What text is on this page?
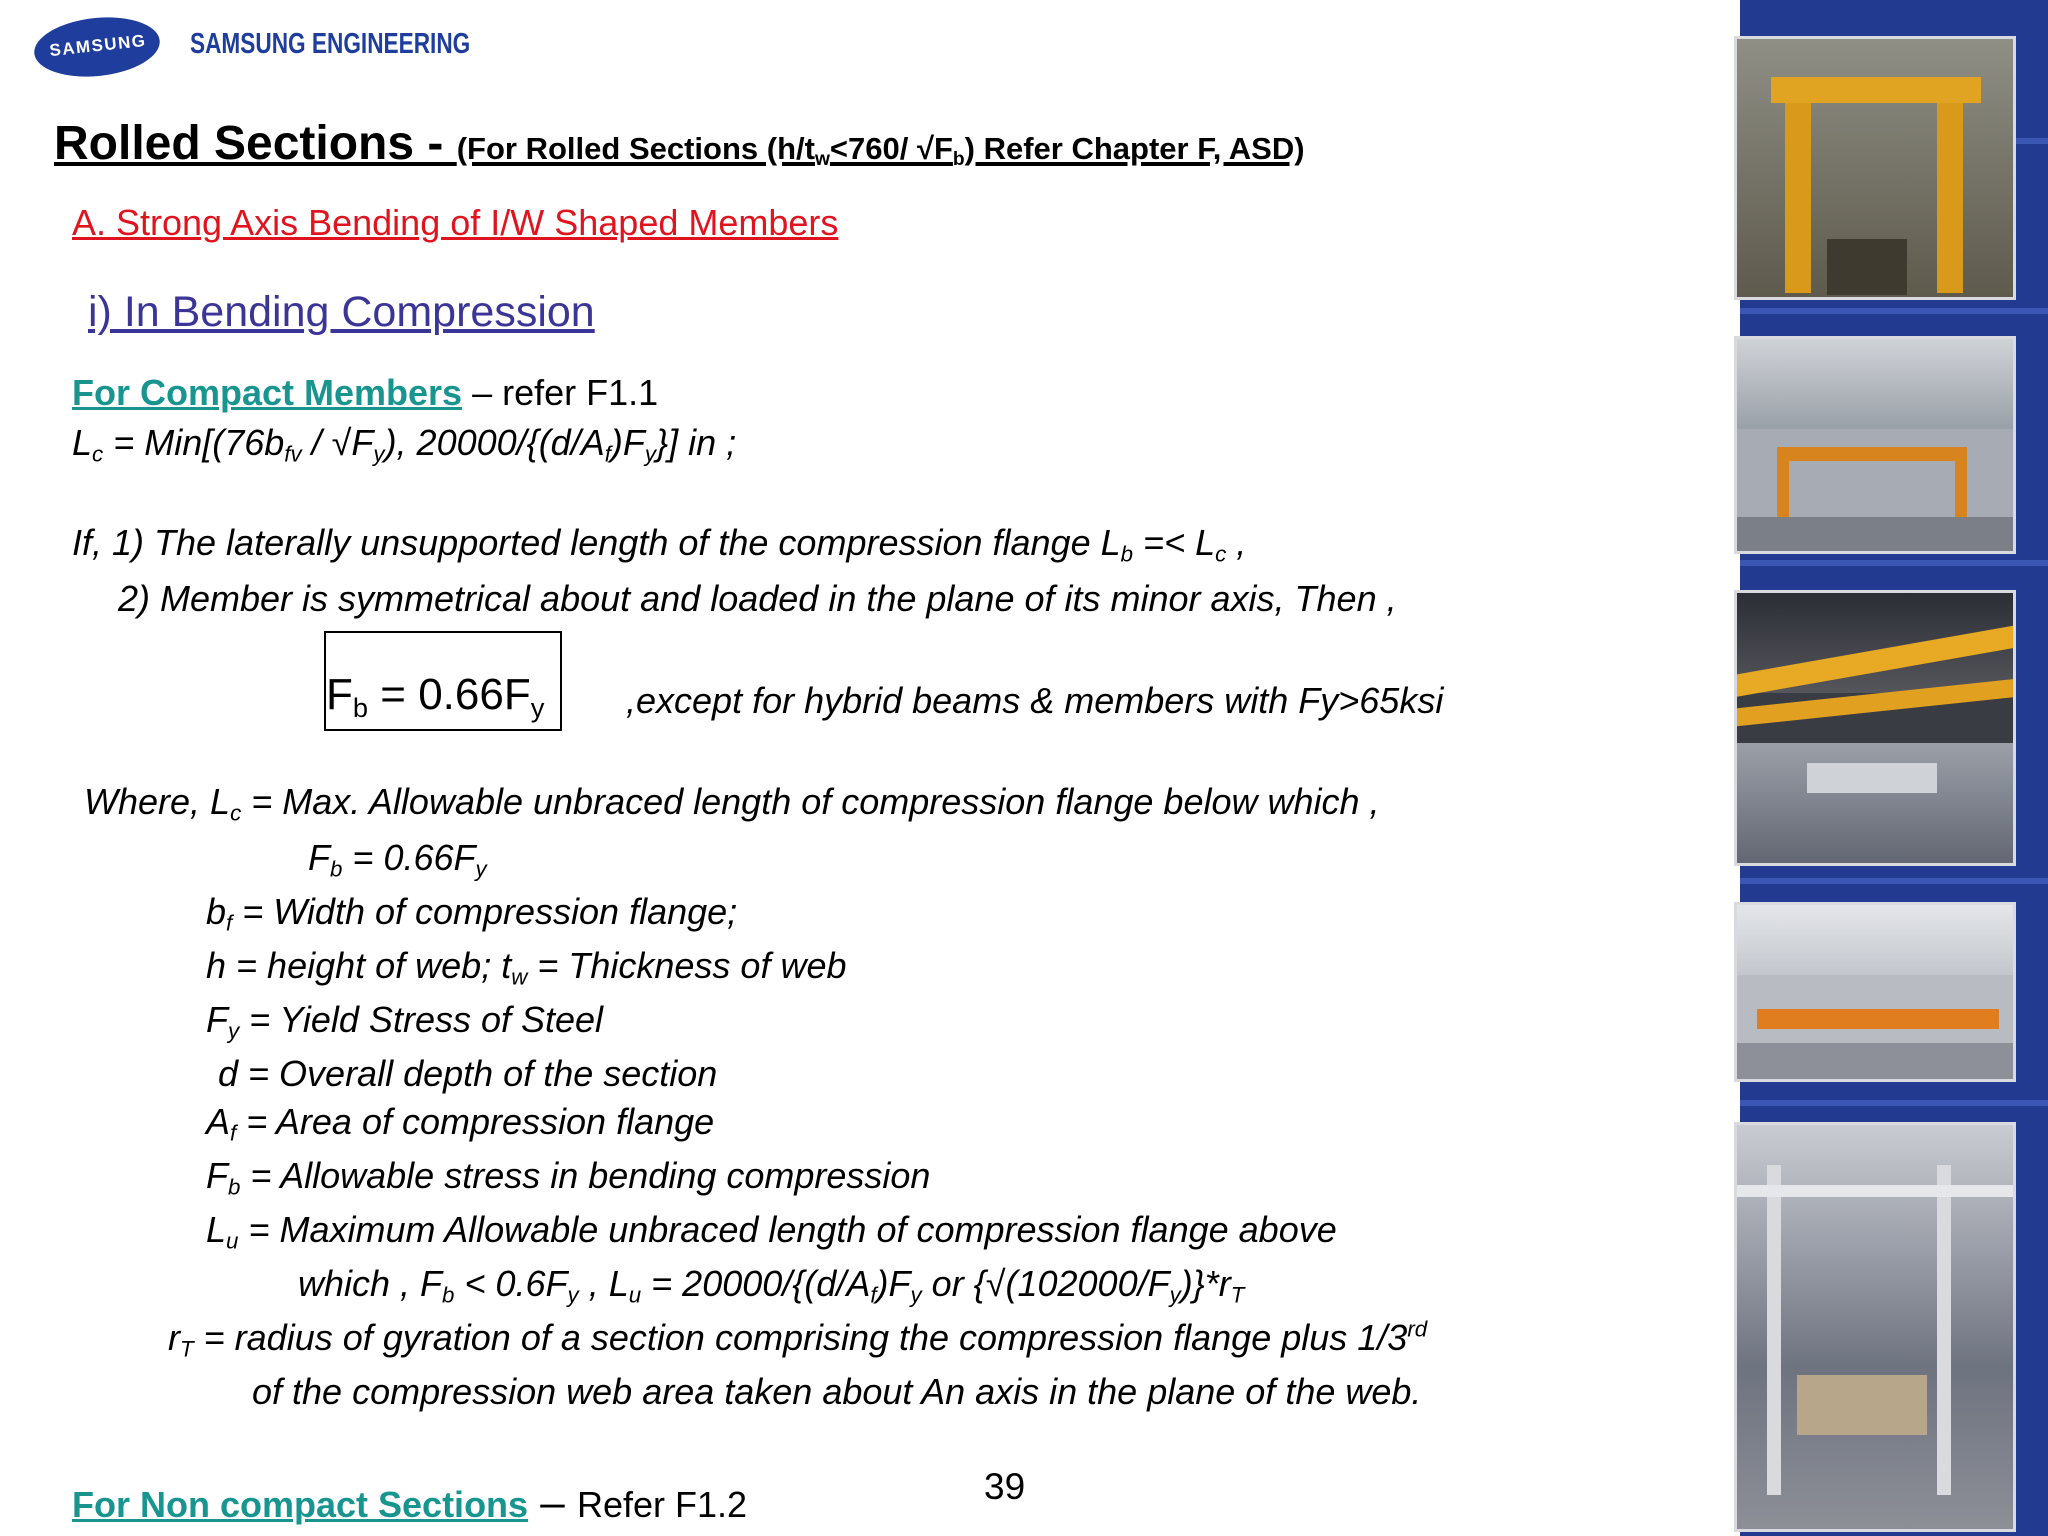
SAMSUNG SAMSUNG ENGINEERING
Rolled Sections - (For Rolled Sections ($h/t_w<760/$ $√F_b$) Refer Chapter F, ASD)
A. Strong Axis Bending of I/W Shaped Members
i) In Bending Compression
For Compact Members – refer F1.1
$L_c = Min[(76b_{fv} / √F_y)$, $20000/\{(d/A_f)F_y\}$] in ;
If, 1) The laterally unsupported length of the compression flange $L_b =< L_c$ ,
2) Member is symmetrical about and loaded in the plane of its minor axis, Then ,
$F_b = 0.66F_y$ ,except for hybrid beams & members with Fy>65ksi
Where, $L_c$ = Max. Allowable unbraced length of compression flange below which ,
$F_b = 0.66F_y$
$b_f$ = Width of compression flange;
h = height of web; $t_w$ = Thickness of web
$F_y$ = Yield Stress of Steel
d = Overall depth of the section
$A_f$ = Area of compression flange
$F_b$ = Allowable stress in bending compression
$L_u$ = Maximum Allowable unbraced length of compression flange above
which , $F_b < 0.6F_y$ , $L_u = 20000/\{(d/A_f)F_y$ or $\{√(102000/F_y)\}*r_T$
$r_T$ = radius of gyration of a section comprising the compression flange plus 1/3rd
of the compression web area taken about An axis in the plane of the web.
For Non compact Sections – Refer F1.2	39
